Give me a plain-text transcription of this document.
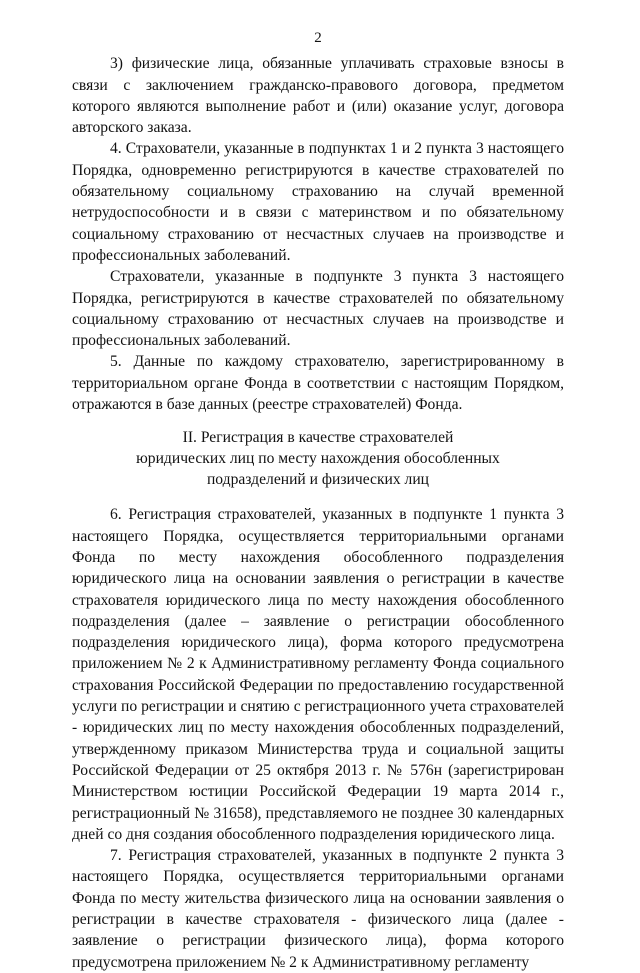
2

3) физические лица, обязанные уплачивать страховые взносы в связи с заключением гражданско-правового договора, предметом которого являются выполнение работ и (или) оказание услуг, договора авторского заказа.

4. Страхователи, указанные в подпунктах 1 и 2 пункта 3 настоящего Порядка, одновременно регистрируются в качестве страхователей по обязательному социальному страхованию на случай временной нетрудоспособности и в связи с материнством и по обязательному социальному страхованию от несчастных случаев на производстве и профессиональных заболеваний.

Страхователи, указанные в подпункте 3 пункта 3 настоящего Порядка, регистрируются в качестве страхователей по обязательному социальному страхованию от несчастных случаев на производстве и профессиональных заболеваний.

5. Данные по каждому страхователю, зарегистрированному в территориальном органе Фонда в соответствии с настоящим Порядком, отражаются в базе данных (реестре страхователей) Фонда.

II. Регистрация в качестве страхователей
юридических лиц по месту нахождения обособленных
подразделений и физических лиц

6. Регистрация страхователей, указанных в подпункте 1 пункта 3 настоящего Порядка, осуществляется территориальными органами Фонда по месту нахождения обособленного подразделения юридического лица на основании заявления о регистрации в качестве страхователя юридического лица по месту нахождения обособленного подразделения (далее – заявление о регистрации обособленного подразделения юридического лица), форма которого предусмотрена приложением № 2 к Административному регламенту Фонда социального страхования Российской Федерации по предоставлению государственной услуги по регистрации и снятию с регистрационного учета страхователей - юридических лиц по месту нахождения обособленных подразделений, утвержденному приказом Министерства труда и социальной защиты Российской Федерации от 25 октября 2013 г. № 576н (зарегистрирован Министерством юстиции Российской Федерации 19 марта 2014 г., регистрационный № 31658), представляемого не позднее 30 календарных дней со дня создания обособленного подразделения юридического лица.

7. Регистрация страхователей, указанных в подпункте 2 пункта 3 настоящего Порядка, осуществляется территориальными органами Фонда по месту жительства физического лица на основании заявления о регистрации в качестве страхователя - физического лица (далее - заявление о регистрации физического лица), форма которого предусмотрена приложением № 2 к Административному регламенту
